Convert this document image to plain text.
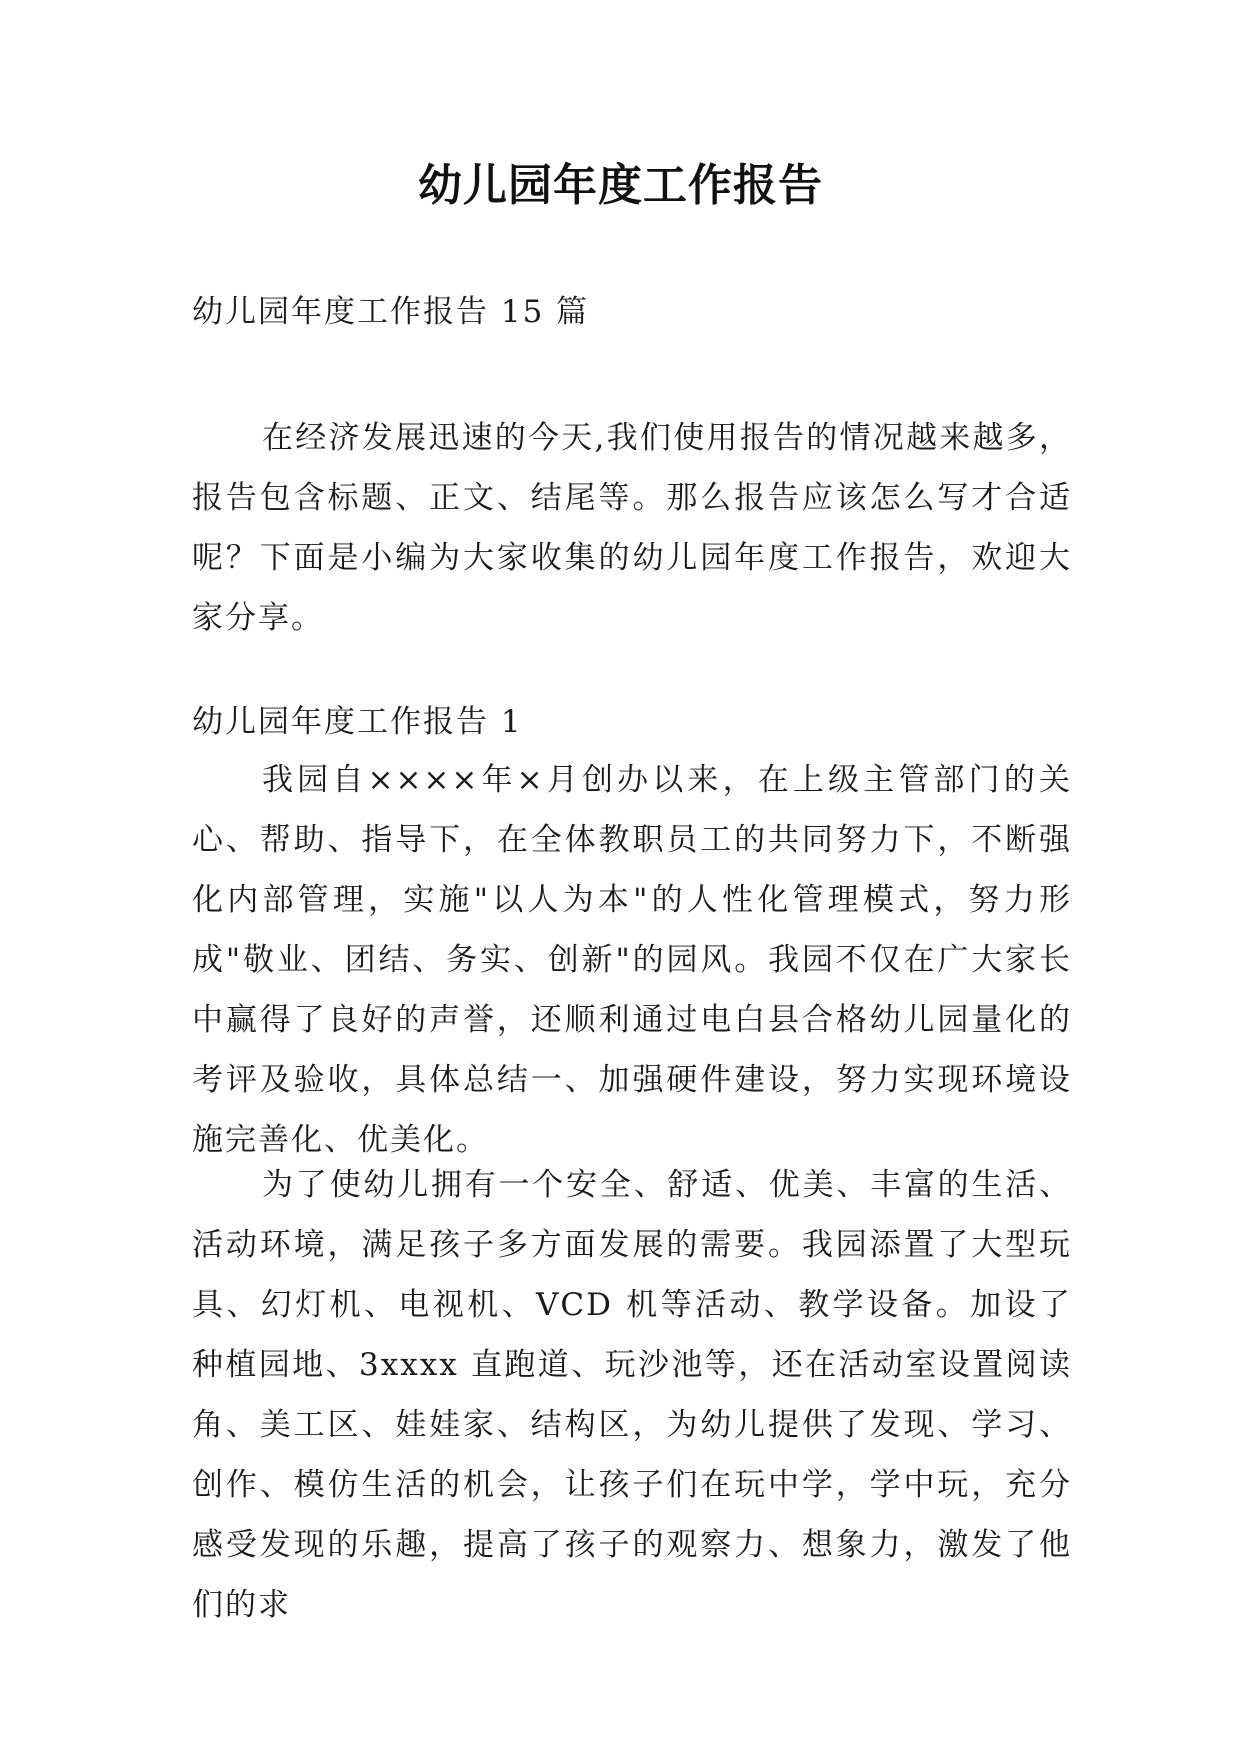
幼儿园年度工作报告
幼儿园年度工作报告 15 篇

在经济发展迅速的今天,我们使用报告的情况越来越多，报告包含标题、正文、结尾等。那么报告应该怎么写才合适呢？下面是小编为大家收集的幼儿园年度工作报告，欢迎大家分享。

幼儿园年度工作报告 1

我园自××××年×月创办以来，在上级主管部门的关心、帮助、指导下，在全体教职员工的共同努力下，不断强化内部管理，实施"以人为本"的人性化管理模式，努力形成"敬业、团结、务实、创新"的园风。我园不仅在广大家长中赢得了良好的声誉，还顺利通过电白县合格幼儿园量化的考评及验收，具体总结一、加强硬件建设，努力实现环境设施完善化、优美化。

为了使幼儿拥有一个安全、舒适、优美、丰富的生活、活动环境，满足孩子多方面发展的需要。我园添置了大型玩具、幻灯机、电视机、VCD 机等活动、教学设备。加设了种植园地、3xxxx 直跑道、玩沙池等，还在活动室设置阅读角、美工区、娃娃家、结构区，为幼儿提供了发现、学习、创作、模仿生活的机会，让孩子们在玩中学，学中玩，充分感受发现的乐趣，提高了孩子的观察力、想象力，激发了他们的求
